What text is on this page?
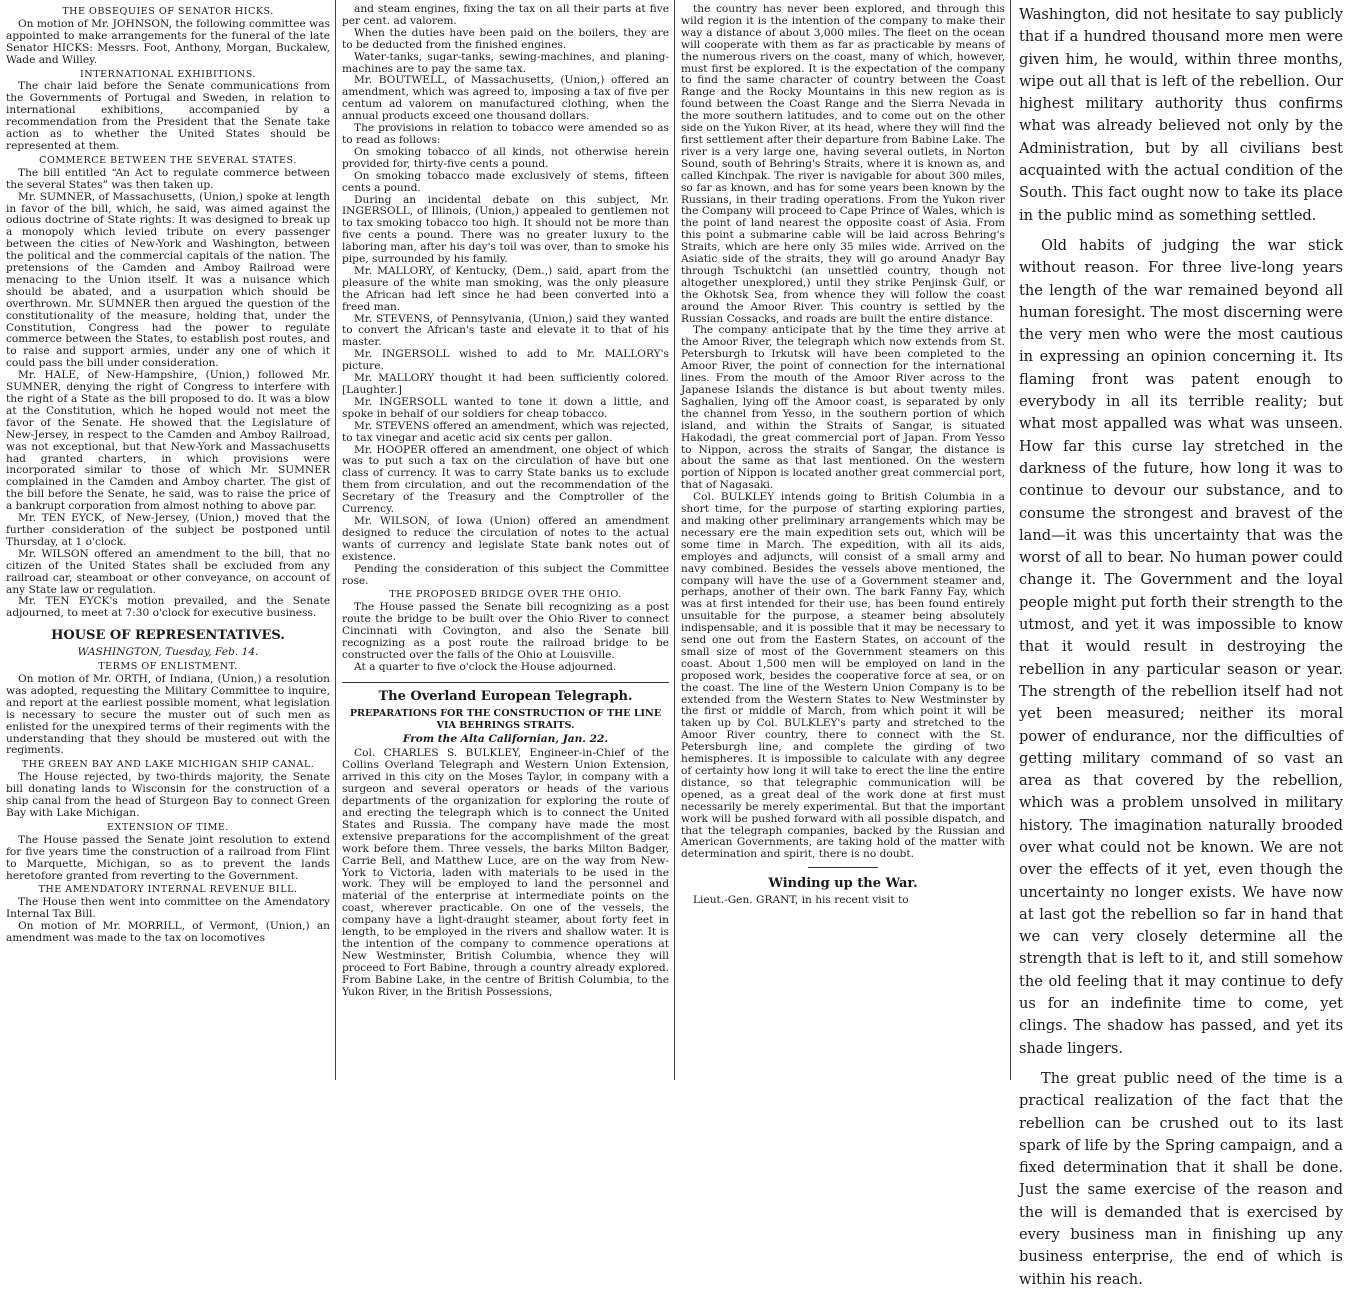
THE OBSEQUIES OF SENATOR HICKS.

On motion of Mr. JOHNSON, the following committee was appointed to make arrangements for the funeral of the late Senator HICKS: Messrs. Foot, Anthony, Morgan, Buckalew, Wade and Willey.

INTERNATIONAL EXHIBITIONS.

The chair laid before the Senate communications from the Governments of Portugal and Sweden, in relation to international exhibitions, accompanied by a recommendation from the President that the Senate take action as to whether the United States should be represented at them.

COMMERCE BETWEEN THE SEVERAL STATES.

The bill entitled “An Act to regulate commerce between the several States” was then taken up.

Mr. SUMNER, of Massachusetts, (Union,) spoke at length in favor of the bill, which, he said, was aimed against the odious doctrine of State rights. It was designed to break up a monopoly which levied tribute on every passenger between the cities of New-York and Washington, between the political and the commercial capitals of the nation. The pretensions of the Camden and Amboy Railroad were menacing to the Union itself. It was a nuisance which should be abated, and a usurpation which should be overthrown. Mr. SUMNER then argued the question of the constitutionality of the measure, holding that, under the Constitution, Congress had the power to regulate commerce between the States, to establish post routes, and to raise and support armies, under any one of which it could pass the bill under consideration.

Mr. HALE, of New-Hampshire, (Union,) followed Mr. SUMNER, denying the right of Congress to interfere with the right of a State as the bill proposed to do. It was a blow at the Constitution, which he hoped would not meet the favor of the Senate. He showed that the Legislature of New-Jersey, in respect to the Camden and Amboy Railroad, was not exceptional, but that New-York and Massachusetts had granted charters, in which provisions were incorporated similar to those of which Mr. SUMNER complained in the Camden and Amboy charter. The gist of the bill before the Senate, he said, was to raise the price of a bankrupt corporation from almost nothing to above par.

Mr. TEN EYCK, of New-Jersey, (Union,) moved that the further consideration of the subject be postponed until Thursday, at 1 o'clock.

Mr. WILSON offered an amendment to the bill, that no citizen of the United States shall be excluded from any railroad car, steamboat or other conveyance, on account of any State law or regulation.

Mr. TEN EYCK's motion prevailed, and the Senate adjourned, to meet at 7:30 o'clock for executive business.

HOUSE OF REPRESENTATIVES.
WASHINGTON, Tuesday, Feb. 14.
TERMS OF ENLISTMENT.

On motion of Mr. ORTH, of Indiana, (Union,) a resolution was adopted, requesting the Military Committee to inquire, and report at the earliest possible moment, what legislation is necessary to secure the muster out of such men as enlisted for the unexpired terms of their regiments with the understanding that they should be mustered out with the regiments.

THE GREEN BAY AND LAKE MICHIGAN SHIP CANAL.

The House rejected, by two-thirds majority, the Senate bill donating lands to Wisconsin for the construction of a ship canal from the head of Sturgeon Bay to connect Green Bay with Lake Michigan.

EXTENSION OF TIME.

The House passed the Senate joint resolution to extend for five years time the construction of a railroad from Flint to Marquette, Michigan, so as to prevent the lands heretofore granted from reverting to the Government.

THE AMENDATORY INTERNAL REVENUE BILL.

The House then went into committee on the Amendatory Internal Tax Bill.

On motion of Mr. MORRILL, of Vermont, (Union,) an amendment was made to the tax on locomotives

and steam engines, fixing the tax on all their parts at five per cent. ad valorem.

When the duties have been paid on the boilers, they are to be deducted from the finished engines.

Water-tanks, sugar-tanks, sewing-machines, and planing-machines are to pay the same tax.

Mr. BOUTWELL, of Massachusetts, (Union,) offered an amendment, which was agreed to, imposing a tax of five per centum ad valorem on manufactured clothing, when the annual products exceed one thousand dollars.

The provisions in relation to tobacco were amended so as to read as follows:

On smoking tobacco of all kinds, not otherwise herein provided for, thirty-five cents a pound.

On smoking tobacco made exclusively of stems, fifteen cents a pound.

During an incidental debate on this subject, Mr. INGERSOLL, of Illinois, (Union,) appealed to gentlemen not to tax smoking tobacco too high. It should not be more than five cents a pound. There was no greater luxury to the laboring man, after his day's toil was over, than to smoke his pipe, surrounded by his family.

Mr. MALLORY, of Kentucky, (Dem.,) said, apart from the pleasure of the white man smoking, was the only pleasure the African had left since he had been converted into a freed man.

Mr. STEVENS, of Pennsylvania, (Union,) said they wanted to convert the African's taste and elevate it to that of his master.

Mr. INGERSOLL wished to add to Mr. MALLORY's picture.

Mr. MALLORY thought it had been sufficiently colored. [Laughter.]

Mr. INGERSOLL wanted to tone it down a little, and spoke in behalf of our soldiers for cheap tobacco.

Mr. STEVENS offered an amendment, which was rejected, to tax vinegar and acetic acid six cents per gallon.

Mr. HOOPER offered an amendment, one object of which was to put such a tax on the circulation of have but one class of currency. It was to carry State banks us to exclude them from circulation, and out the recommendation of the Secretary of the Treasury and the Comptroller of the Currency.

Mr. WILSON, of Iowa (Union) offered an amendment designed to reduce the circulation of notes to the actual wants of currency and legislate State bank notes out of existence.

Pending the consideration of this subject the Committee rose.

THE PROPOSED BRIDGE OVER THE OHIO.

The House passed the Senate bill recognizing as a post route the bridge to be built over the Ohio River to connect Cincinnati with Covington, and also the Senate bill recognizing as a post route the railroad bridge to be constructed over the falls of the Ohio at Louisville.

At a quarter to five o'clock the House adjourned.

The Overland European Telegraph.
PREPARATIONS FOR THE CONSTRUCTION OF THE LINE VIA BEHRINGS STRAITS.
From the Alta Californian, Jan. 22.

Col. CHARLES S. BULKLEY, Engineer-in-Chief of the Collins Overland Telegraph and Western Union Extension, arrived in this city on the Moses Taylor, in company with a surgeon and several operators or heads of the various departments of the organization for exploring the route of and erecting the telegraph which is to connect the United States and Russia. The company have made the most extensive preparations for the accomplishment of the great work before them. Three vessels, the barks Milton Badger, Carrie Bell, and Matthew Luce, are on the way from New-York to Victoria, laden with materials to be used in the work. They will be employed to land the personnel and material of the enterprise at intermediate points on the coast, wherever practicable. On one of the vessels, the company have a light-draught steamer, about forty feet in length, to be employed in the rivers and shallow water. It is the intention of the company to commence operations at New Westminster, British Columbia, whence they will proceed to Fort Babine, through a country already explored. From Babine Lake, in the centre of British Columbia, to the Yukon River, in the British Possessions,

the country has never been explored, and through this wild region it is the intention of the company to make their way a distance of about 3,000 miles. The fleet on the ocean will cooperate with them as far as practicable by means of the numerous rivers on the coast, many of which, however, must first be explored. It is the expectation of the company to find the same character of country between the Coast Range and the Rocky Mountains in this new region as is found between the Coast Range and the Sierra Nevada in the more southern latitudes, and to come out on the other side on the Yukon River, at its head, where they will find the first settlement after their departure from Babine Lake. The river is a very large one, having several outlets, in Norton Sound, south of Behring's Straits, where it is known as, and called Kinchpak. The river is navigable for about 300 miles, so far as known, and has for some years been known by the Russians, in their trading operations. From the Yukon river the Company will proceed to Cape Prince of Wales, which is the point of land nearest the opposite coast of Asia. From this point a submarine cable will be laid across Behring's Straits, which are here only 35 miles wide. Arrived on the Asiatic side of the straits, they will go around Anadyr Bay through Tschuktchi (an unsettled country, though not altogether unexplored,) until they strike Penjinsk Gulf, or the Okhotsk Sea, from whence they will follow the coast around the Amoor River. This country is settled by the Russian Cossacks, and roads are built the entire distance.

The company anticipate that by the time they arrive at the Amoor River, the telegraph which now extends from St. Petersburgh to Irkutsk will have been completed to the Amoor River, the point of connection for the international lines. From the mouth of the Amoor River across to the Japanese Islands the distance is but about twenty miles. Saghalien, lying off the Amoor coast, is separated by only the channel from Yesso, in the southern portion of which island, and within the Straits of Sangar, is situated Hakodadi, the great commercial port of Japan. From Yesso to Nippon, across the straits of Sangar, the distance is about the same as that last mentioned. On the western portion of Nippon is located another great commercial port, that of Nagasaki.

Col. BULKLEY intends going to British Columbia in a short time, for the purpose of starting exploring parties, and making other preliminary arrangements which may be necessary ere the main expedition sets out, which will be some time in March. The expedition, with all its aids, employes and adjuncts, will consist of a small army and navy combined. Besides the vessels above mentioned, the company will have the use of a Government steamer and, perhaps, another of their own. The bark Fanny Fay, which was at first intended for their use, has been found entirely unsuitable for the purpose, a steamer being absolutely indispensable, and it is possible that it may be necessary to send one out from the Eastern States, on account of the small size of most of the Government steamers on this coast. About 1,500 men will be employed on land in the proposed work, besides the cooperative force at sea, or on the coast. The line of the Western Union Company is to be extended from the Western States to New Westminster by the first or middle of March, from which point it will be taken up by Col. BULKLEY's party and stretched to the Amoor River country, there to connect with the St. Petersburgh line, and complete the girding of two hemispheres. It is impossible to calculate with any degree of certainty how long it will take to erect the line the entire distance, so that telegraphic communication will be opened, as a great deal of the work done at first must necessarily be merely experimental. But that the important work will be pushed forward with all possible dispatch, and that the telegraph companies, backed by the Russian and American Governments, are taking hold of the matter with determination and spirit, there is no doubt.

Winding up the War.

Lieut.-Gen. GRANT, in his recent visit to

Washington, did not hesitate to say publicly that if a hundred thousand more men were given him, he would, within three months, wipe out all that is left of the rebellion. Our highest military authority thus confirms what was already believed not only by the Administration, but by all civilians best acquainted with the actual condition of the South. This fact ought now to take its place in the public mind as something settled.

Old habits of judging the war stick without reason. For three live-long years the length of the war remained beyond all human foresight. The most discerning were the very men who were the most cautious in expressing an opinion concerning it. Its flaming front was patent enough to everybody in all its terrible reality; but what most appalled was what was unseen. How far this curse lay stretched in the darkness of the future, how long it was to continue to devour our substance, and to consume the strongest and bravest of the land—it was this uncertainty that was the worst of all to bear. No human power could change it. The Government and the loyal people might put forth their strength to the utmost, and yet it was impossible to know that it would result in destroying the rebellion in any particular season or year. The strength of the rebellion itself had not yet been measured; neither its moral power of endurance, nor the difficulties of getting military command of so vast an area as that covered by the rebellion, which was a problem unsolved in military history. The imagination naturally brooded over what could not be known. We are not over the effects of it yet, even though the uncertainty no longer exists. We have now at last got the rebellion so far in hand that we can very closely determine all the strength that is left to it, and still somehow the old feeling that it may continue to defy us for an indefinite time to come, yet clings. The shadow has passed, and yet its shade lingers.

The great public need of the time is a practical realization of the fact that the rebellion can be crushed out to its last spark of life by the Spring campaign, and a fixed determination that it shall be done. Just the same exercise of the reason and the will is demanded that is exercised by every business man in finishing up any business enterprise, the end of which is within his reach.
